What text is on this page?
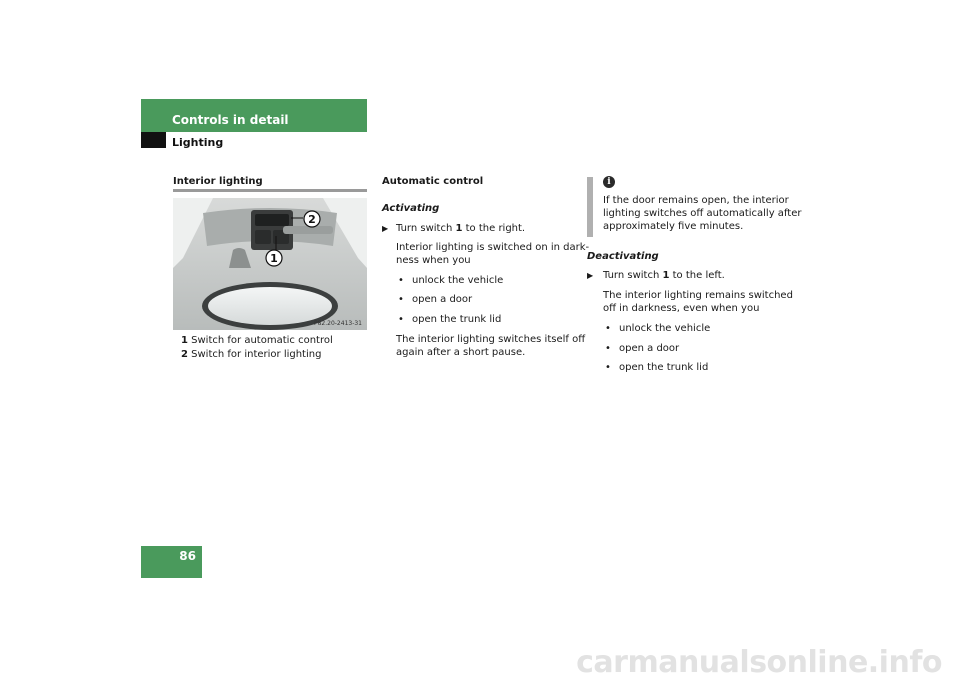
Controls in detail
Lighting
Interior lighting
2
1
P82.20-2413-31
1 Switch for automatic control
2 Switch for interior lighting
Automatic control
Activating
▶ Turn switch 1 to the right.
Interior lighting is switched on in dark-
ness when you
• unlock the vehicle
• open a door
• open the trunk lid
The interior lighting switches itself off
again after a short pause.
i
If the door remains open, the interior
lighting switches off automatically after
approximately five minutes.
Deactivating
▶ Turn switch 1 to the left.
The interior lighting remains switched
off in darkness, even when you
• unlock the vehicle
• open a door
• open the trunk lid
86
carmanualsonline.info
